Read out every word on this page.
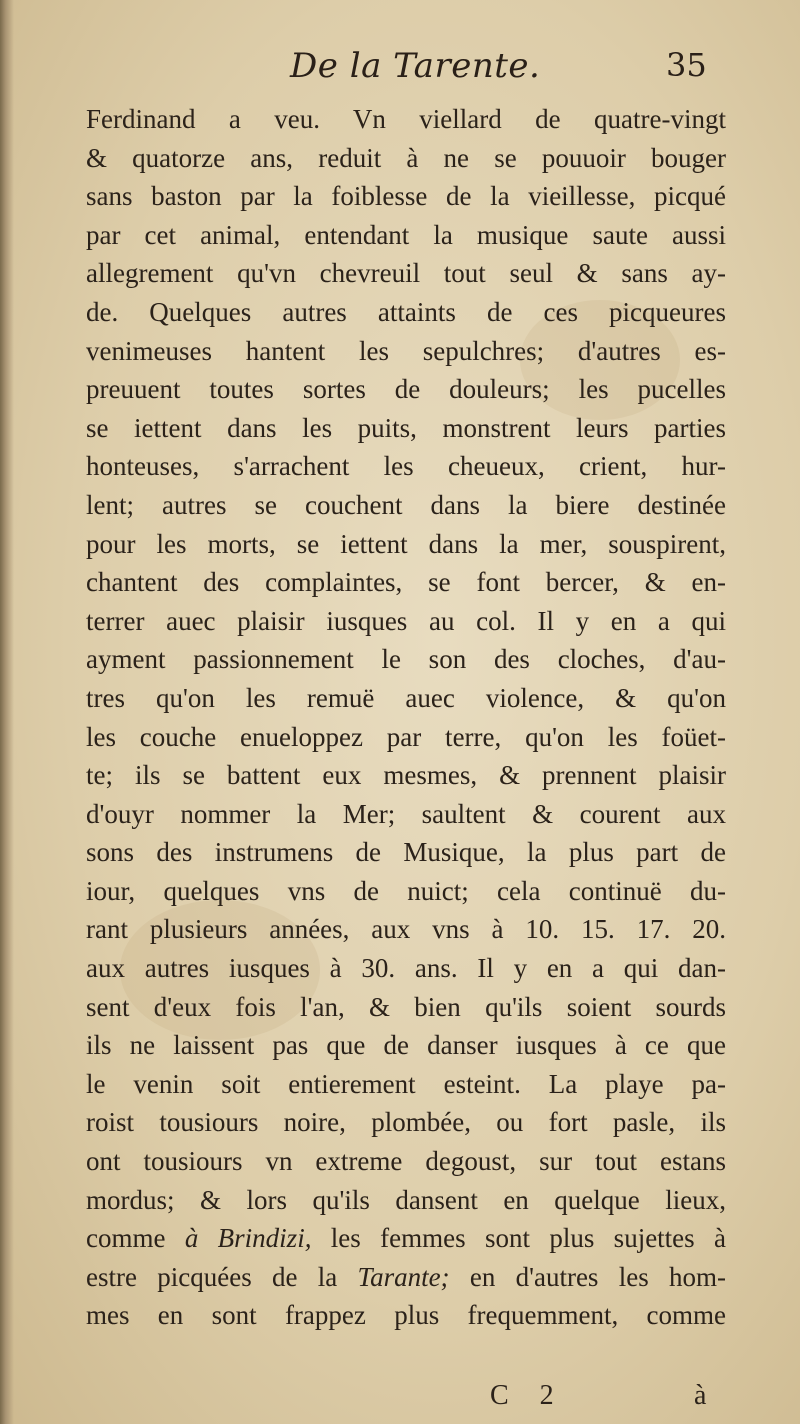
De la Tarente.	35
Ferdinand a veu. Vn viellard de quatre-vingt
& quatorze ans, reduit à ne se pouuoir bouger
sans baston par la foiblesse de la vieillesse, picqué
par cet animal, entendant la musique saute aussi
allegrement qu'vn chevreuil tout seul & sans ay-
de. Quelques autres attaints de ces picqueures
venimeuses hantent les sepulchres; d'autres es-
preuuent toutes sortes de douleurs; les pucelles
se iettent dans les puits, monstrent leurs parties
honteuses, s'arrachent les cheueux, crient, hur-
lent; autres se couchent dans la biere destinée
pour les morts, se iettent dans la mer, souspirent,
chantent des complaintes, se font bercer, & en-
terrer auec plaisir iusques au col. Il y en a qui
ayment passionnement le son des cloches, d'au-
tres qu'on les remuë auec violence, & qu'on
les couche enueloppez par terre, qu'on les foüet-
te; ils se battent eux mesmes, & prennent plaisir
d'ouyr nommer la Mer; saultent & courent aux
sons des instrumens de Musique, la plus part de
iour, quelques vns de nuict; cela continuë du-
rant plusieurs années, aux vns à 10. 15. 17. 20.
aux autres iusques à 30. ans. Il y en a qui dan-
sent d'eux fois l'an, & bien qu'ils soient sourds
ils ne laissent pas que de danser iusques à ce que
le venin soit entierement esteint. La playe pa-
roist tousiours noire, plombée, ou fort pasle, ils
ont tousiours vn extreme degoust, sur tout estans
mordus; & lors qu'ils dansent en quelque lieux,
comme à Brindizi, les femmes sont plus sujettes à
estre picquées de la Tarante; en d'autres les hom-
mes en sont frappez plus frequemment, comme
C 2	à
